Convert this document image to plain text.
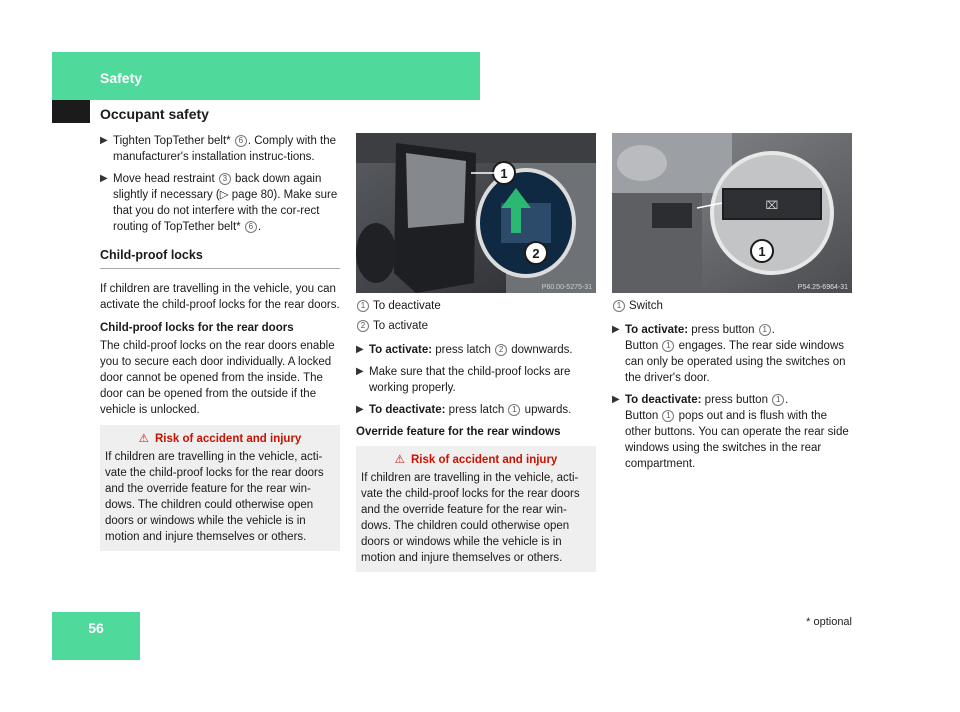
Safety
Occupant safety
▶ Tighten TopTether belt* 6 . Comply with the manufacturer's installation instruc-tions.
▶ Move head restraint 3 back down again slightly if necessary (▷ page 80). Make sure that you do not interfere with the cor-rect routing of TopTether belt* 6 .
Child-proof locks
If children are travelling in the vehicle, you can activate the child-proof locks for the rear doors.
Child-proof locks for the rear doors
The child-proof locks on the rear doors enable you to secure each door individually. A locked door cannot be opened from the inside. The door can be opened from the outside if the vehicle is unlocked.
⚠ Risk of accident and injury
If children are travelling in the vehicle, acti-vate the child-proof locks for the rear doors and the override feature for the rear win-dows. The children could otherwise open doors or windows while the vehicle is in motion and injure themselves or others.
1
2
P60.00-5275-31
1 To deactivate
2 To activate
▶ To activate: press latch 2 downwards.
▶ Make sure that the child-proof locks are working properly.
▶ To deactivate: press latch 1 upwards.
Override feature for the rear windows
⚠ Risk of accident and injury
If children are travelling in the vehicle, acti-vate the child-proof locks for the rear doors and the override feature for the rear win-dows. The children could otherwise open doors or windows while the vehicle is in motion and injure themselves or others.
⌧
1
P54.25-6964-31
1 Switch
▶ To activate: press button 1 .
Button 1 engages. The rear side windows can only be operated using the switches on the driver's door.
▶ To deactivate: press button 1 .
Button 1 pops out and is flush with the other buttons. You can operate the rear side windows using the switches in the rear compartment.
56	* optional
